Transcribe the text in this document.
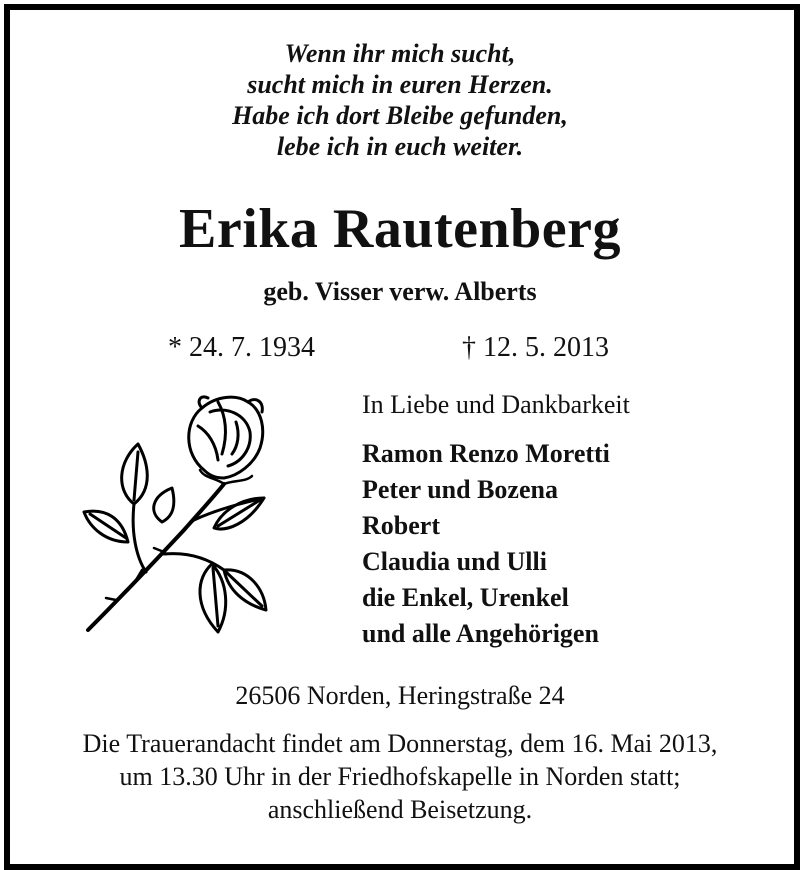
Wenn ihr mich sucht,
sucht mich in euren Herzen.
Habe ich dort Bleibe gefunden,
lebe ich in euch weiter.
Erika Rautenberg
geb. Visser verw. Alberts
* 24. 7. 1934	† 12. 5. 2013
In Liebe und Dankbarkeit
Ramon Renzo Moretti
Peter und Bozena
Robert
Claudia und Ulli
die Enkel, Urenkel
und alle Angehörigen
26506 Norden, Heringstraße 24
Die Trauerandacht findet am Donnerstag, dem 16. Mai 2013,
um 13.30 Uhr in der Friedhofskapelle in Norden statt;
anschließend Beisetzung.
